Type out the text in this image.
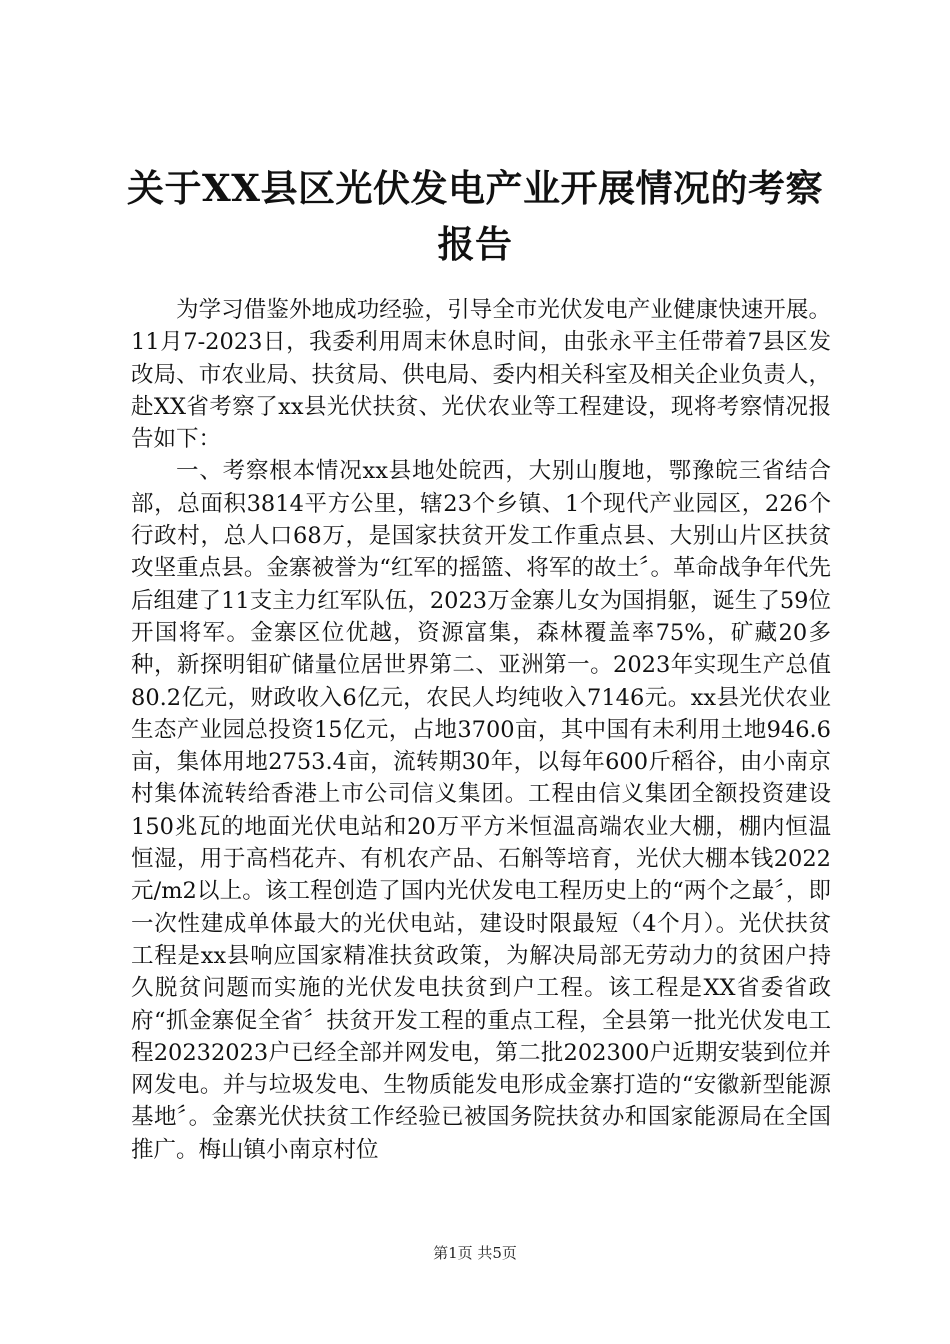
关于XX县区光伏发电产业开展情况的考察报告

为学习借鉴外地成功经验，引导全市光伏发电产业健康快速开展。11月7-2023日，我委利用周末休息时间，由张永平主任带着7县区发改局、市农业局、扶贫局、供电局、委内相关科室及相关企业负责人，赴XX省考察了xx县光伏扶贫、光伏农业等工程建设，现将考察情况报告如下：

一、考察根本情况xx县地处皖西，大别山腹地，鄂豫皖三省结合部，总面积3814平方公里，辖23个乡镇、1个现代产业园区，226个行政村，总人口68万，是国家扶贫开发工作重点县、大别山片区扶贫攻坚重点县。金寨被誉为“红军的摇篮、将军的故土〞。革命战争年代先后组建了11支主力红军队伍，2023万金寨儿女为国捐躯，诞生了59位开国将军。金寨区位优越，资源富集，森林覆盖率75%，矿藏20多种，新探明钼矿储量位居世界第二、亚洲第一。2023年实现生产总值80.2亿元，财政收入6亿元，农民人均纯收入7146元。xx县光伏农业生态产业园总投资15亿元，占地3700亩，其中国有未利用土地946.6亩，集体用地2753.4亩，流转期30年，以每年600斤稻谷，由小南京村集体流转给香港上市公司信义集团。工程由信义集团全额投资建设150兆瓦的地面光伏电站和20万平方米恒温高端农业大棚，棚内恒温恒湿，用于高档花卉、有机农产品、石斛等培育，光伏大棚本钱2022元/m2以上。该工程创造了国内光伏发电工程历史上的“两个之最〞，即一次性建成单体最大的光伏电站，建设时限最短（4个月）。光伏扶贫工程是xx县响应国家精准扶贫政策，为解决局部无劳动力的贫困户持久脱贫问题而实施的光伏发电扶贫到户工程。该工程是XX省委省政府“抓金寨促全省〞扶贫开发工程的重点工程，全县第一批光伏发电工程20232023户已经全部并网发电，第二批202300户近期安装到位并网发电。并与垃圾发电、生物质能发电形成金寨打造的“安徽新型能源基地〞。金寨光伏扶贫工作经验已被国务院扶贫办和国家能源局在全国推广。梅山镇小南京村位

第1页 共5页
